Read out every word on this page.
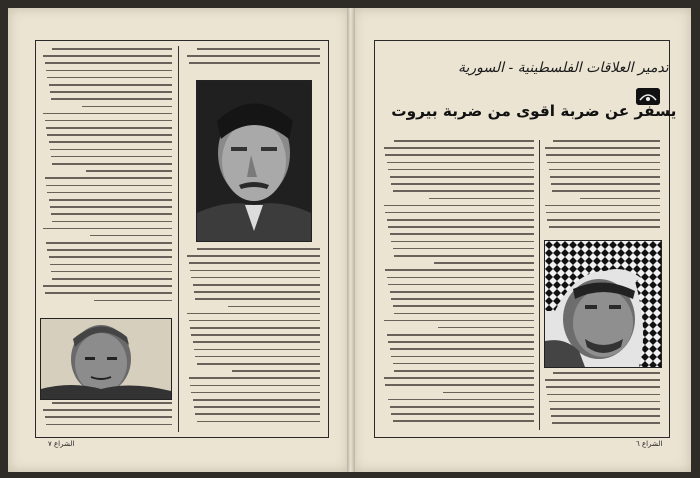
الشراع ٧
تدمير العلاقات الفلسطينية - السورية
يسفر عن ضربة اقوى من ضربة بيروت
الشراع ٦
